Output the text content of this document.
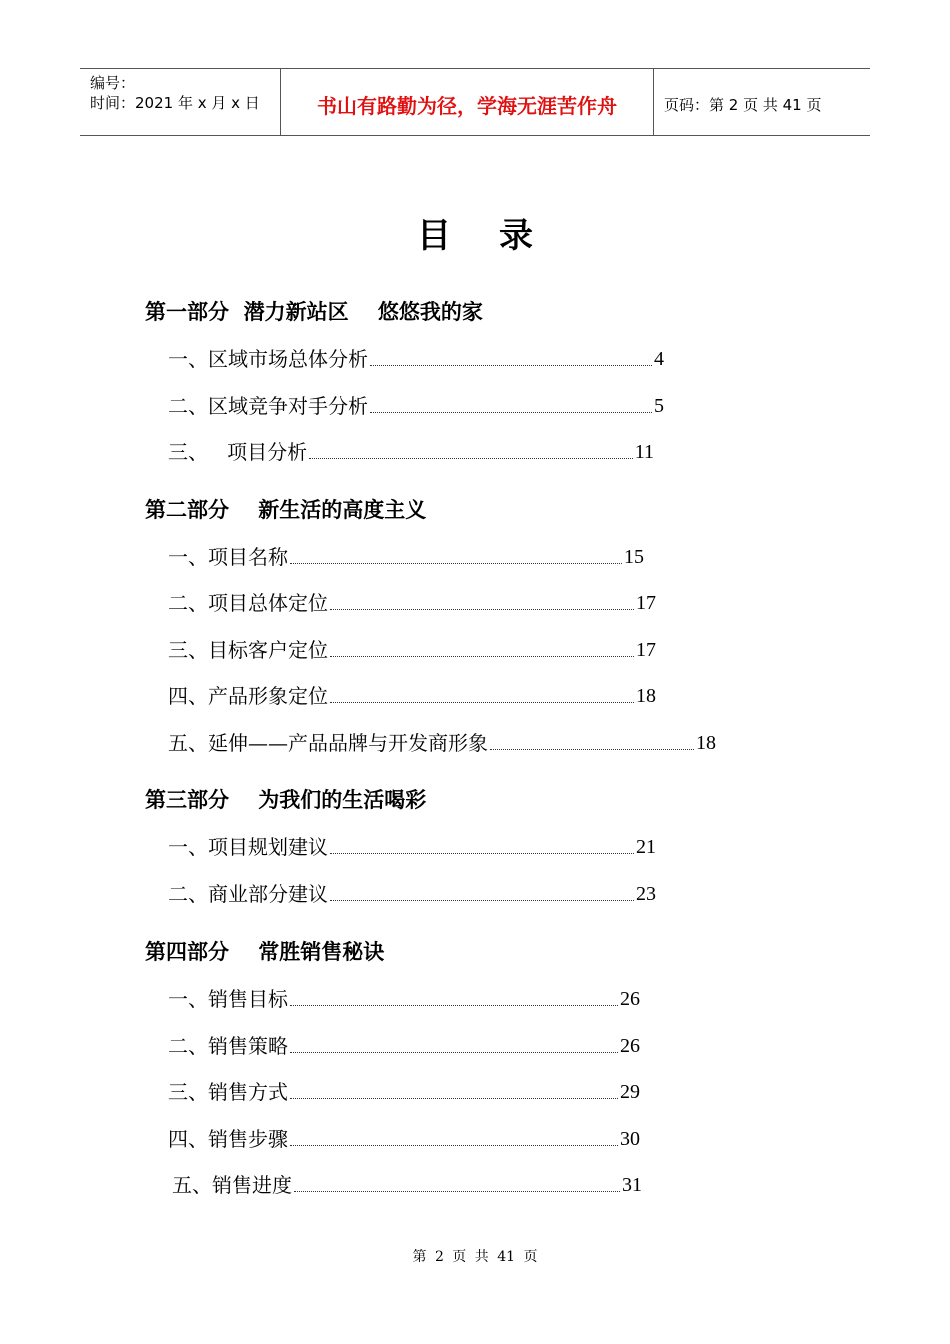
编号：
时间：2021 年 x 月 x 日	书山有路勤为径，学海无涯苦作舟	页码：第 2 页 共 41 页
目录
第一部分  潜力新站区    悠悠我的家
一、区域市场总体分析	4
二、区域竞争对手分析	5
三、   项目分析	11
第二部分    新生活的高度主义
一、项目名称	15
二、项目总体定位	17
三、目标客户定位	17
四、产品形象定位	18
五、延伸——产品品牌与开发商形象	18
第三部分    为我们的生活喝彩
一、项目规划建议	21
二、商业部分建议	23
第四部分    常胜销售秘诀
一、销售目标	26
二、销售策略	26
三、销售方式	29
四、销售步骤	30
五、销售进度	31
第 2 页 共 41 页
